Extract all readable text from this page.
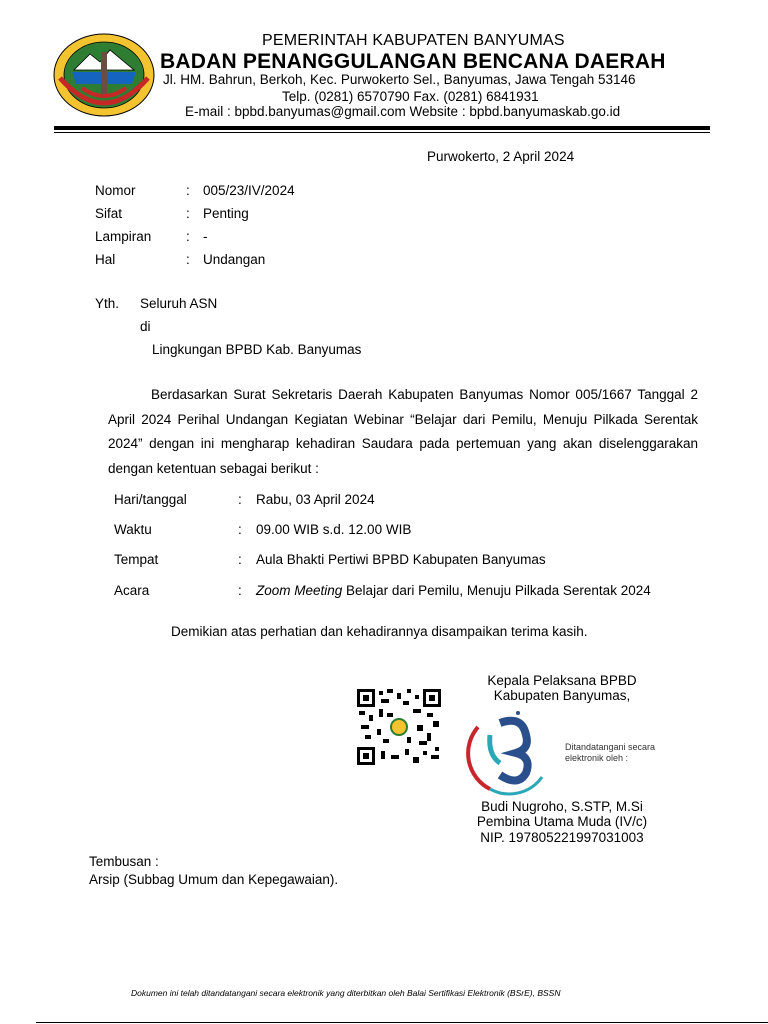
PEMERINTAH KABUPATEN BANYUMAS
BADAN PENANGGULANGAN BENCANA DAERAH
Jl. HM. Bahrun, Berkoh, Kec. Purwokerto Sel., Banyumas, Jawa Tengah 53146
Telp. (0281) 6570790 Fax. (0281) 6841931
E-mail : bpbd.banyumas@gmail.com Website : bpbd.banyumaskab.go.id
Purwokerto, 2 April 2024
Nomor	: 005/23/IV/2024
Sifat	: Penting
Lampiran	: -
Hal	: Undangan
Yth. Seluruh ASN
di
Lingkungan BPBD Kab. Banyumas
Berdasarkan Surat Sekretaris Daerah Kabupaten Banyumas Nomor 005/1667 Tanggal 2 April 2024 Perihal Undangan Kegiatan Webinar “Belajar dari Pemilu, Menuju Pilkada Serentak 2024” dengan ini mengharap kehadiran Saudara pada pertemuan yang akan diselenggarakan dengan ketentuan sebagai berikut :
Hari/tanggal	: Rabu, 03 April 2024
Waktu	: 09.00 WIB s.d. 12.00 WIB
Tempat	: Aula Bhakti Pertiwi BPBD Kabupaten Banyumas
Acara	: Zoom Meeting Belajar dari Pemilu, Menuju Pilkada Serentak 2024
Demikian atas perhatian dan kehadirannya disampaikan terima kasih.
Kepala Pelaksana BPBD
Kabupaten Banyumas,
Ditandatangani secara elektronik oleh :
Budi Nugroho, S.STP, M.Si
Pembina Utama Muda (IV/c)
NIP. 197805221997031003
Tembusan :
Arsip (Subbag Umum dan Kepegawaian).
Dokumen ini telah ditandatangani secara elektronik yang diterbitkan oleh Balai Sertifikasi Elektronik (BSrE), BSSN
